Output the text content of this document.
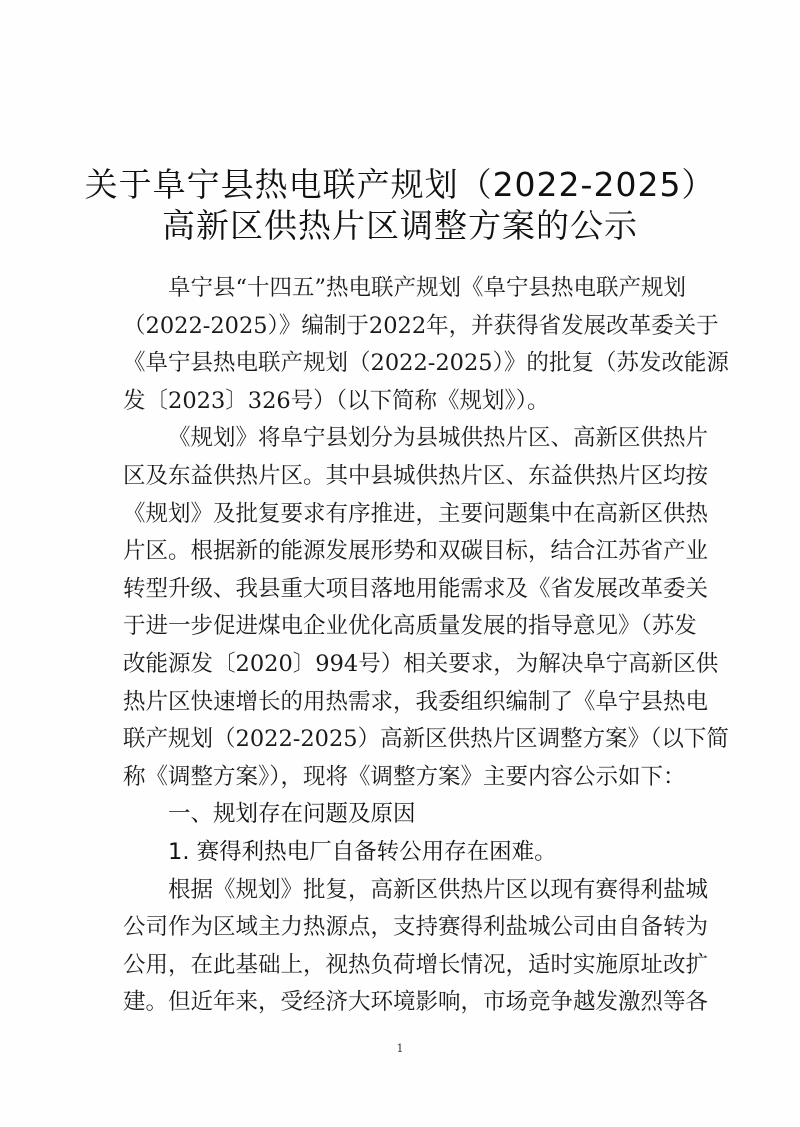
关于阜宁县热电联产规划（2022-2025）
高新区供热片区调整方案的公示
阜宁县“十四五”热电联产规划《阜宁县热电联产规划
（2022-2025）》编制于2022年，并获得省发展改革委关于
《阜宁县热电联产规划（2022-2025）》的批复（苏发改能源
发〔2023〕326号）（以下简称《规划》）。
《规划》将阜宁县划分为县城供热片区、高新区供热片
区及东益供热片区。其中县城供热片区、东益供热片区均按
《规划》及批复要求有序推进，主要问题集中在高新区供热
片区。根据新的能源发展形势和双碳目标，结合江苏省产业
转型升级、我县重大项目落地用能需求及《省发展改革委关
于进一步促进煤电企业优化高质量发展的指导意见》（苏发
改能源发〔2020〕994号）相关要求，为解决阜宁高新区供
热片区快速增长的用热需求，我委组织编制了《阜宁县热电
联产规划（2022-2025）高新区供热片区调整方案》（以下简
称《调整方案》），现将《调整方案》主要内容公示如下：
一、规划存在问题及原因
1. 赛得利热电厂自备转公用存在困难。
根据《规划》批复，高新区供热片区以现有赛得利盐城
公司作为区域主力热源点，支持赛得利盐城公司由自备转为
公用，在此基础上，视热负荷增长情况，适时实施原址改扩
建。但近年来，受经济大环境影响，市场竞争越发激烈等各
1
